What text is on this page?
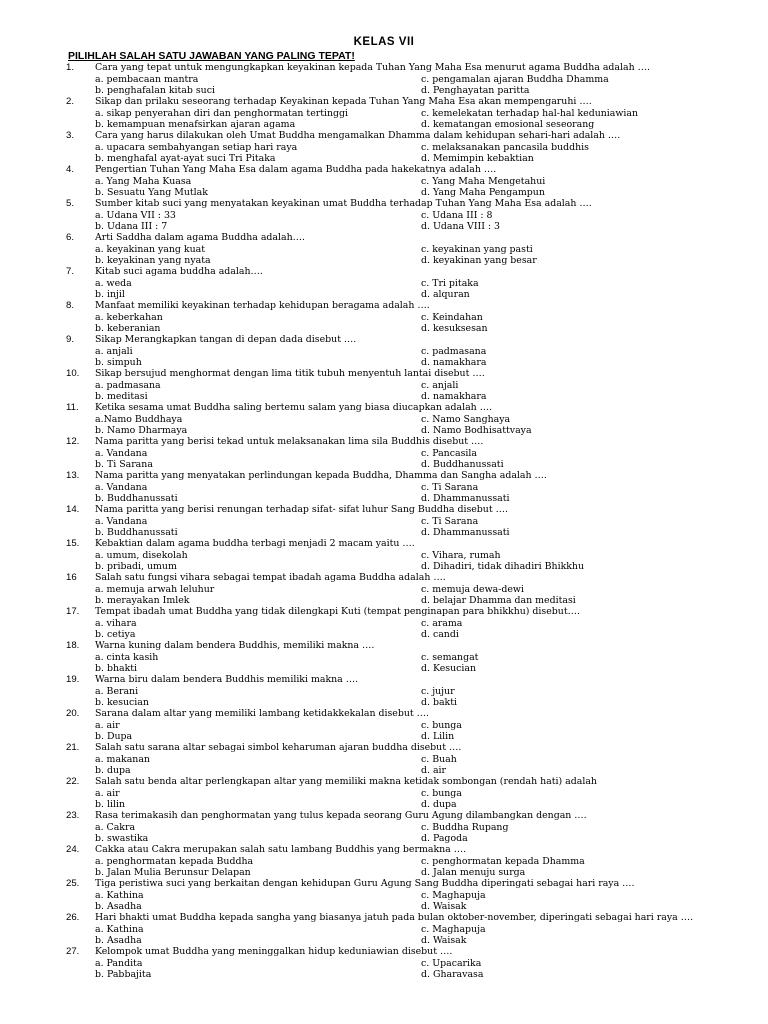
KELAS VII
PILIHLAH SALAH SATU JAWABAN YANG PALING TEPAT!
1.	Cara yang tepat untuk mengungkapkan keyakinan kepada Tuhan Yang Maha Esa menurut agama Buddha adalah ….
a. pembacaan mantra
b. penghafalan kitab suci
c. pengamalan ajaran Buddha Dhamma
d. Penghayatan paritta
2.	Sikap dan prilaku seseorang terhadap Keyakinan kepada Tuhan Yang Maha Esa akan mempengaruhi ….
a. sikap penyerahan diri dan penghormatan tertinggi
b. kemampuan menafsirkan ajaran agama
c. kemelekatan terhadap hal-hal keduniawian
d. kematangan emosional seseorang
3.	Cara yang harus dilakukan oleh Umat Buddha mengamalkan Dhamma dalam kehidupan sehari-hari adalah ….
a. upacara sembahyangan setiap hari raya
b. menghafal ayat-ayat suci Tri Pitaka
c. melaksanakan pancasila buddhis
d. Memimpin kebaktian
4.	Pengertian Tuhan Yang Maha Esa dalam agama Buddha pada hakekatnya adalah ….
a. Yang Maha Kuasa
b. Sesuatu Yang Mutlak
c. Yang Maha Mengetahui
d. Yang Maha Pengampun
5.	Sumber kitab suci yang menyatakan keyakinan umat Buddha terhadap Tuhan Yang Maha Esa adalah ….
a. Udana VII : 33
b. Udana III : 7
c. Udana III : 8
d. Udana VIII : 3
6.	Arti Saddha dalam agama Buddha adalah….
a. keyakinan yang kuat
b. keyakinan yang nyata
c. keyakinan yang pasti
d. keyakinan yang besar
7.	Kitab suci agama buddha adalah….
a. weda
b. injil
c. Tri pitaka
d. alquran
8.	Manfaat memiliki keyakinan terhadap kehidupan beragama adalah ….
a. keberkahan
b. keberanian
c. Keindahan
d. kesuksesan
9.	Sikap Merangkapkan tangan di depan dada disebut ….
a. anjali
b. simpuh
c. padmasana
d. namakhara
10.	Sikap bersujud menghormat dengan lima titik tubuh menyentuh lantai disebut ….
a. padmasana
b. meditasi
c. anjali
d. namakhara
11.	Ketika sesama umat Buddha saling bertemu salam yang biasa diucapkan adalah ….
a.Namo Buddhaya
b. Namo Dharmaya
c. Namo Sanghaya
d. Namo Bodhisattvaya
12.	Nama paritta yang berisi tekad untuk melaksanakan lima sila Buddhis disebut ….
a. Vandana
b. Ti Sarana
c. Pancasila
d. Buddhanussati
13.	Nama paritta yang menyatakan perlindungan kepada Buddha, Dhamma dan Sangha adalah ….
a. Vandana
b. Buddhanussati
c. Ti Sarana
d. Dhammanussati
14.	Nama paritta yang berisi renungan terhadap sifat- sifat luhur Sang Buddha disebut ….
a. Vandana
b. Buddhanussati
c. Ti Sarana
d. Dhammanussati
15.	Kebaktian dalam agama buddha terbagi menjadi 2 macam yaitu ….
a. umum, disekolah
b. pribadi, umum
c. Vihara, rumah
d. Dihadiri, tidak dihadiri Bhikkhu
16	Salah satu fungsi vihara sebagai tempat ibadah agama Buddha adalah ….
a. memuja arwah leluhur
b. merayakan Imlek
c. memuja dewa-dewi
d. belajar Dhamma dan meditasi
17.	Tempat ibadah umat Buddha yang tidak dilengkapi Kuti (tempat penginapan para bhikkhu) disebut….
a. vihara
b. cetiya
c. arama
d. candi
18.	Warna kuning dalam bendera Buddhis, memiliki makna ….
a. cinta kasih
b. bhakti
c. semangat
d. Kesucian
19.	Warna biru dalam bendera Buddhis memiliki makna ….
a. Berani
b. kesucian
c. jujur
d. bakti
20.	Sarana dalam altar yang memiliki lambang ketidakkekalan disebut ….
a. air
b. Dupa
c. bunga
d. Lilin
21.	Salah satu sarana altar sebagai simbol keharuman ajaran buddha disebut ….
a. makanan
b. dupa
c. Buah
d. air
22.	Salah satu benda altar perlengkapan altar yang memiliki makna ketidak sombongan (rendah hati) adalah
a. air
b. lilin
c. bunga
d. dupa
23.	Rasa terimakasih dan penghormatan yang tulus kepada seorang Guru Agung dilambangkan dengan ….
a. Cakra
b. swastika
c. Buddha Rupang
d. Pagoda
24.	Cakka atau Cakra merupakan salah satu lambang Buddhis yang bermakna ….
a. penghormatan kepada Buddha
b. Jalan Mulia Berunsur Delapan
c. penghormatan kepada Dhamma
d. Jalan menuju surga
25.	Tiga peristiwa suci yang berkaitan dengan kehidupan Guru Agung Sang Buddha diperingati sebagai hari raya ….
a. Kathina
b. Asadha
c. Maghapuja
d. Waisak
26.	Hari bhakti umat Buddha kepada sangha yang biasanya jatuh pada bulan oktober-november, diperingati sebagai hari raya ….
a. Kathina
b. Asadha
c. Maghapuja
d. Waisak
27.	Kelompok umat Buddha yang meninggalkan hidup keduniawian disebut ….
a. Pandita
b. Pabbajita
c. Upacarika
d. Gharavasa
